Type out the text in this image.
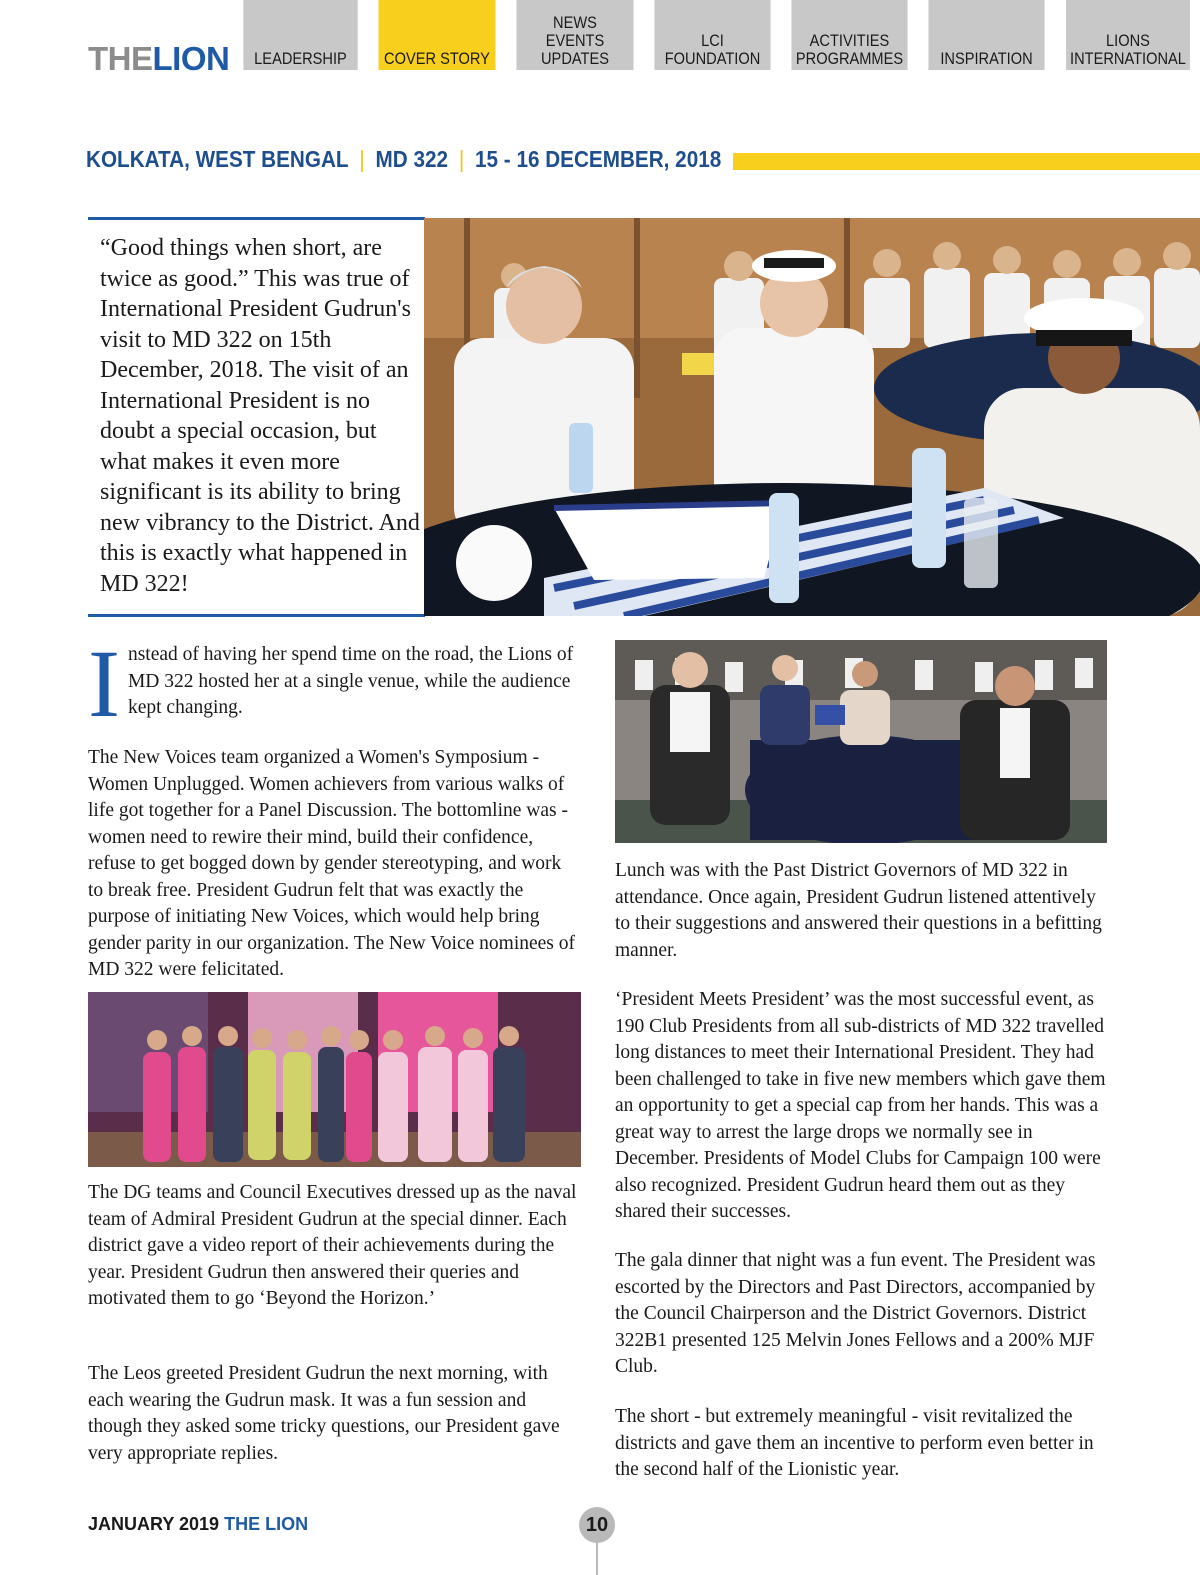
THELION LEADERSHIP COVER STORY
NEWS
EVENTS
UPDATES
LCI
FOUNDATION
ACTIVITIES
PROGRAMMES INSPIRATION
LIONS
INTERNATIONAL
KOLKATA, WEST BENGAL | MD 322 | 15 - 16 DECEMBER, 2018
“Good things when short, are twice as good.” This was true of International President Gudrun's visit to MD 322 on 15th December, 2018. The visit of an International President is no doubt a special occasion, but what makes it even more significant is its ability to bring new vibrancy to the District. And this is exactly what happened in MD 322!
Instead of having her spend time on the road, the Lions of MD 322 hosted her at a single venue, while the audience kept changing.
The New Voices team organized a Women's Symposium - Women Unplugged. Women achievers from various walks of life got together for a Panel Discussion. The bottomline was - women need to rewire their mind, build their confidence, refuse to get bogged down by gender stereotyping, and work to break free. President Gudrun felt that was exactly the purpose of initiating New Voices, which would help bring gender parity in our organization. The New Voice nominees of MD 322 were felicitated.
The DG teams and Council Executives dressed up as the naval team of Admiral President Gudrun at the special dinner. Each district gave a video report of their achievements during the year. President Gudrun then answered their queries and motivated them to go ‘Beyond the Horizon.’
The Leos greeted President Gudrun the next morning, with each wearing the Gudrun mask. It was a fun session and though they asked some tricky questions, our President gave very appropriate replies.
Lunch was with the Past District Governors of MD 322 in attendance. Once again, President Gudrun listened attentively to their suggestions and answered their questions in a befitting manner.
‘President Meets President’ was the most successful event, as 190 Club Presidents from all sub-districts of MD 322 travelled long distances to meet their International President. They had been challenged to take in five new members which gave them an opportunity to get a special cap from her hands. This was a great way to arrest the large drops we normally see in December. Presidents of Model Clubs for Campaign 100 were also recognized. President Gudrun heard them out as they shared their successes.
The gala dinner that night was a fun event. The President was escorted by the Directors and Past Directors, accompanied by the Council Chairperson and the District Governors. District 322B1 presented 125 Melvin Jones Fellows and a 200% MJF Club.
The short - but extremely meaningful - visit revitalized the districts and gave them an incentive to perform even better in the second half of the Lionistic year.
JANUARY 2019 THE LION	10
